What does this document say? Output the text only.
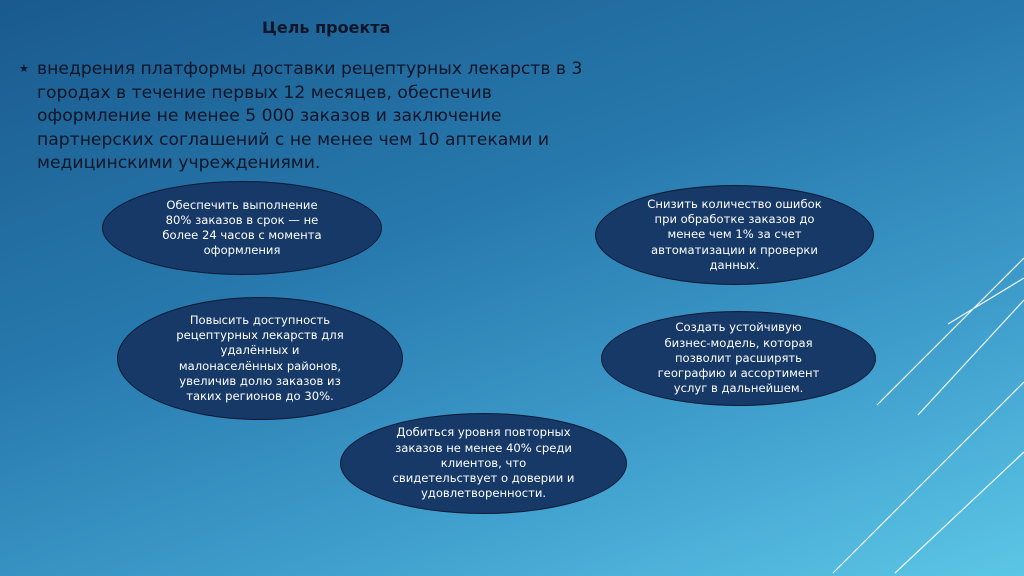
Цель проекта
★ внедрения платформы доставки рецептурных лекарств в 3 городах в течение первых 12 месяцев, обеспечив оформление не менее 5 000 заказов и заключение партнерских соглашений с не менее чем 10 аптеками и медицинскими учреждениями.
Обеспечить выполнение 80% заказов в срок — не более 24 часов с момента оформления
Снизить количество ошибок при обработке заказов до менее чем 1% за счет автоматизации и проверки данных.
Повысить доступность рецептурных лекарств для удалённых и малонаселённых районов, увеличив долю заказов из таких регионов до 30%.
Создать устойчивую бизнес-модель, которая позволит расширять географию и ассортимент услуг в дальнейшем.
Добиться уровня повторных заказов не менее 40% среди клиентов, что свидетельствует о доверии и удовлетворенности.
